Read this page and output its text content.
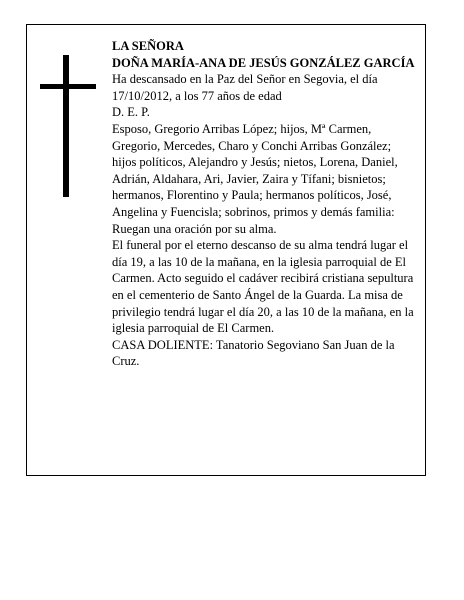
LA SEÑORA

DOÑA MARÍA-ANA DE JESÚS GONZÁLEZ GARCÍA

Ha descansado en la Paz del Señor en Segovia, el día 17/10/2012, a los 77 años de edad

D. E. P.

Esposo, Gregorio Arribas López; hijos, Mª Carmen, Gregorio, Mercedes, Charo y Conchi Arribas González; hijos políticos, Alejandro y Jesús; nietos, Lorena, Daniel, Adrián, Aldahara, Ari, Javier, Zaira y Tífani; bisnietos; hermanos, Florentino y Paula; hermanos políticos, José, Angelina y Fuencisla; sobrinos, primos y demás familia:

Ruegan una oración por su alma.

El funeral por el eterno descanso de su alma tendrá lugar el día 19, a las 10 de la mañana, en la iglesia parroquial de El Carmen. Acto seguido el cadáver recibirá cristiana sepultura en el cementerio de Santo Ángel de la Guarda. La misa de privilegio tendrá lugar el día 20, a las 10 de la mañana, en la iglesia parroquial de El Carmen.

CASA DOLIENTE: Tanatorio Segoviano San Juan de la Cruz.
